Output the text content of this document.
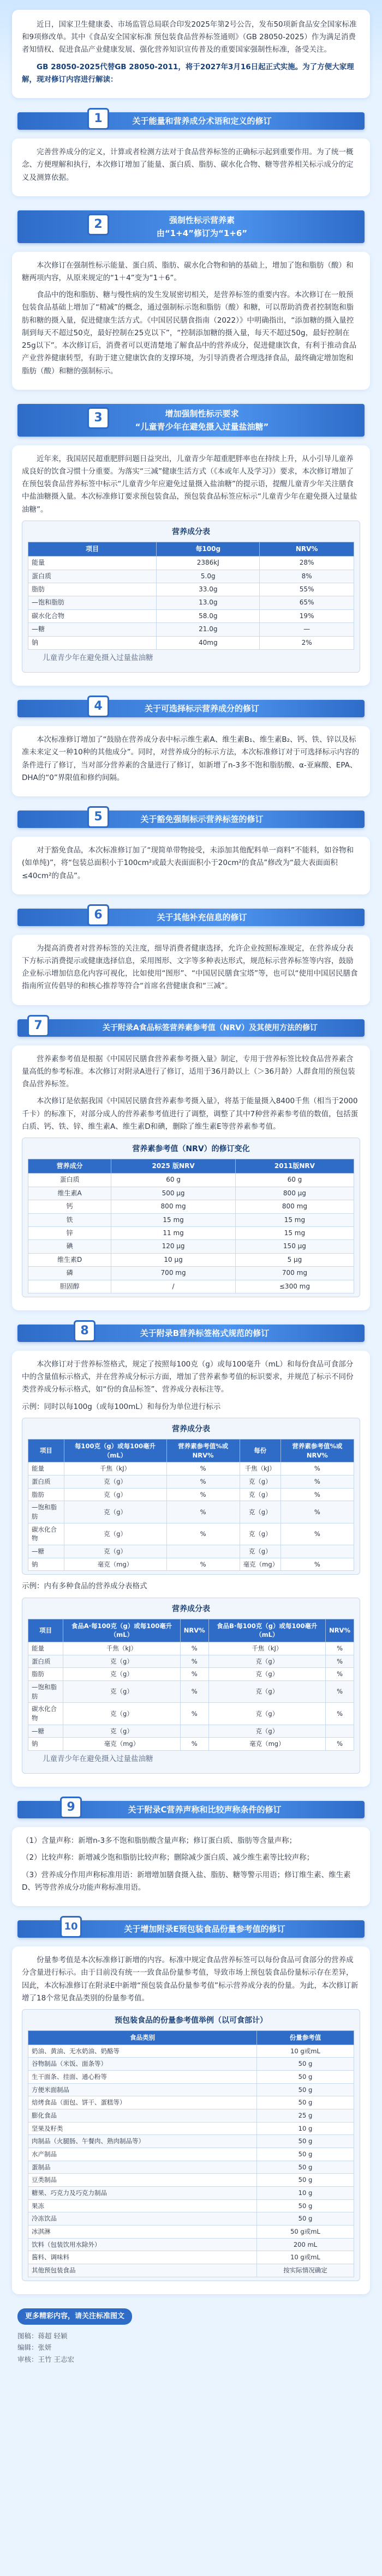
近日，国家卫生健康委、市场监管总局联合印发2025年第2号公告，发布50项新食品安全国家标准和9项修改单。其中《食品安全国家标准 预包装食品营养标签通则》（GB 28050-2025）作为满足消费者知情权、促进食品产业健康发展、强化营养知识宣传普及的重要国家强制性标准，备受关注。

GB 28050-2025代替GB 28050-2011，将于2027年3月16日起正式实施。为了方便大家理解，现对修订内容进行解读：

1	关于能量和营养成分术语和定义的修订

完善营养成分的定义，计算或者检测方法对于食品营养标签的正确标示起到重要作用。为了统一概念、方便理解和执行，本次修订增加了能量、蛋白质、脂肪、碳水化合物、糖等营养相关标示成分的定义及测算依据。

2	强制性标示营养素
由“1+4”修订为“1+6”

本次修订在强制性标示能量、蛋白质、脂肪、碳水化合物和钠的基础上，增加了饱和脂肪（酸）和糖两项内容，从原来规定的“1＋4”变为“1＋6”。

食品中的饱和脂肪、糖与慢性病的发生发展密切相关，是营养标签的重要内容。本次修订在一般预包装食品基础上增加了“精减”的概念，通过强制标示饱和脂肪（酸）和糖，可以帮助消费者控制饱和脂肪和糖的摄入量，促进健康生活方式。《中国居民膳食指南（2022）》中明确指出，“添加糖的摄入量控制到每天不超过50克，最好控制在25克以下”，“控制添加糖的摄入量，每天不超过50g，最好控制在25g以下”。本次修订后，消费者可以更清楚地了解食品中的营养成分，促进健康饮食，有利于推动食品产业营养健康转型，有助于建立健康饮食的支撑环境，为引导消费者合理选择食品，最终确定增加饱和脂肪（酸）和糖的强制标示。

3	增加强制性标示要求
“儿童青少年在避免摄入过量盐油糖”

近年来，我国居民超重肥胖问题日益突出，儿童青少年超重肥胖率也在持续上升，从小引导儿童养成良好的饮食习惯十分重要。为落实“三减”健康生活方式（《本或年人及学习》）要求，本次修订增加了在预包装食品营养标签中标示“儿童青少年应避免过量摄入盐油糖”的提示语，提醒儿童青少年关注膳食中盐油糖摄入量。本次标准修订要求预包装食品，预包装食品标签应标示“儿童青少年在避免摄入过量盐油糖”。

营养成分表
项目	每100g	NRV%
能量	2386kJ	28%
蛋白质	5.0g	8%
脂肪	33.0g	55%
—饱和脂肪	13.0g	65%
碳水化合物	58.0g	19%
—糖	21.0g	—
钠	40mg	2%

儿童青少年在避免摄入过量盐油糖

4	关于可选择标示营养成分的修订

本次标准修订增加了“鼓励在营养成分表中标示维生素A、维生素B₁、维生素B₂、钙、铁、锌以及标准未来定义一种10种的其他成分”。同时，对营养成分的标示方法，本次标准修订对于可选择标示内容的条件进行了修订，当对部分营养素的含量进行了修订，如新增了n-3多不饱和脂肪酸、α-亚麻酸、EPA、DHA的“0”界限值和修约间隔。

5	关于豁免强制标示营养标签的修订

对于豁免食品，本次标准修订加了“现简单带物接受，未添加其他配料单一商料”不能料，如谷物和(如单纯)”，将“包装总面积小于100cm²或最大表面面积小于20cm²的食品”修改为“最大表面面积≤40cm²的食品”。

6	关于其他补充信息的修订

为提高消费者对营养标签的关注度，细导消费者健康选择，允许企业按照标准规定，在营养成分表下方标示消费提示或健康选择信息，采用图形、文字等多种表达形式，规范标示营养标签等内容，鼓励企业标示增加信息化内容可视化，比如使用“图形”、“中国居民膳食宝塔”等，也可以“使用中国居民膳食指南所宣传倡导的和核心推荐等符合“首席名营健康食和“三减”。

7	关于附录A食品标签营养素参考值（NRV）及其使用方法的修订

营养素参考值是根据《中国居民膳食营养素参考摄入量》制定，专用于营养标签比较食品营养素含量高低的参考标准。本次修订对附录A进行了修订，适用于36月龄以上（＞36月龄）人群食用的预包装食品营养标签。

本次修订是依据我国《中国居民膳食营养素参考摄入量》，将基于能量摄入8400千焦（相当于2000千卡）的标准下，对部分成人的营养素参考值进行了调整，调整了其中7种营养素参考值的数值，包括蛋白质、钙、铁、锌、维生素A、维生素D和碘，删除了维生素E等营养素参考值。

营养素参考值（NRV）的修订变化
营养成分	2025 版NRV	2011版NRV
蛋白质	60 g	60 g
维生素A	500 μg	800 μg
钙	800 mg	800 mg
铁	15 mg	15 mg
锌	11 mg	15 mg
碘	120 μg	150 μg
维生素D	10 μg	5 μg
磷	700 mg	700 mg
胆固醇	/	≤300 mg
8	关于附录B营养标签格式规范的修订

本次修订对于营养标签格式，规定了按照每100克（g）或每100毫升（mL）和每份食品可食部分中的含量值标示格式，并在营养成分标示方面，增加了营养素参考值的标识要求，并规范了标示不同份类营养成分标示格式，如“份的食品标签”、营养成分表标注等。

示例：同时以每100g（或每100mL）和每份为单位进行标示

营养成分表
项目	每100克（g）或每100毫升（mL）	营养素参考值%或NRV%	每份	营养素参考值%或NRV%
能量	千焦（kJ）	%	千焦（kJ）	%
蛋白质	克（g）	%	克（g）	%
脂肪	克（g）	%	克（g）	%
—饱和脂肪	克（g）	%	克（g）	%
碳水化合物	克（g）	%	克（g）	%
—糖	克（g）		克（g）	
钠	毫克（mg）	%	毫克（mg）	%

示例：内有多种食品的营养成分表格式

营养成分表
项目	食品A·每100克（g）或每100毫升（mL）	NRV%	食品B·每100克（g）或每100毫升（mL）	NRV%
能量	千焦（kJ）	%	千焦（kJ）	%
蛋白质	克（g）	%	克（g）	%
脂肪	克（g）	%	克（g）	%
—饱和脂肪	克（g）	%	克（g）	%
碳水化合物	克（g）	%	克（g）	%
—糖	克（g）		克（g）	
钠	毫克（mg）	%	毫克（mg）	%

儿童青少年在避免摄入过量盐油糖

9	关于附录C营养声称和比较声称条件的修订

（1）含量声称：新增n-3多不饱和脂肪酸含量声称；修订蛋白质、脂肪等含量声称；

（2）比较声称：新增减少饱和脂肪比较声称；删除减少蛋白质、减少维生素等比较声称；

（3）营养成分作用声称标准用语：新增增加膳食摄入盐、脂肪、糖等警示用语；修订维生素、维生素D、钙等营养成分功能声称标准用语。

10	关于增加附录E预包装食品份量参考值的修订

份量参考值是本次标准修订新增的内容。标准中规定食品营养标签可以每份食品可食部分的营养成分含量进行标示。由于目前没有统一一致食品份量参考值，导致市场上预包装食品份量标示存在差异，因此，本次标准修订在附录E中新增“预包装食品份量参考值”标示营养成分表的份量。为此，本次修订新增了18个常见食品类别的份量参考值。

预包装食品的份量参考值举例（以可食部计）
食品类别	份量参考值
奶油、黄油、无水奶油、奶酪等	10 g或mL
谷物制品（米饭、面条等）	50 g
生干面条、挂面、通心粉等	50 g
方便米面制品	50 g
焙烤食品（面包、饼干、蛋糕等）	50 g
膨化食品	25 g
坚果及籽类	10 g
肉制品（火腿肠、午餐肉、熟肉制品等）	50 g
水产制品	50 g
蛋制品	50 g
豆类制品	50 g
糖果、巧克力及巧克力制品	10 g
果冻	50 g
冷冻饮品	50 g
冰淇淋	50 g或mL
饮料（包装饮用水除外）	200 mL
酱料、调味料	10 g或mL
其他预包装食品	按实际情况确定
更多精彩内容，请关注标准图文
图稿：蒋超 轻颖
编辑：张妍
审核：王竹 王志宏
